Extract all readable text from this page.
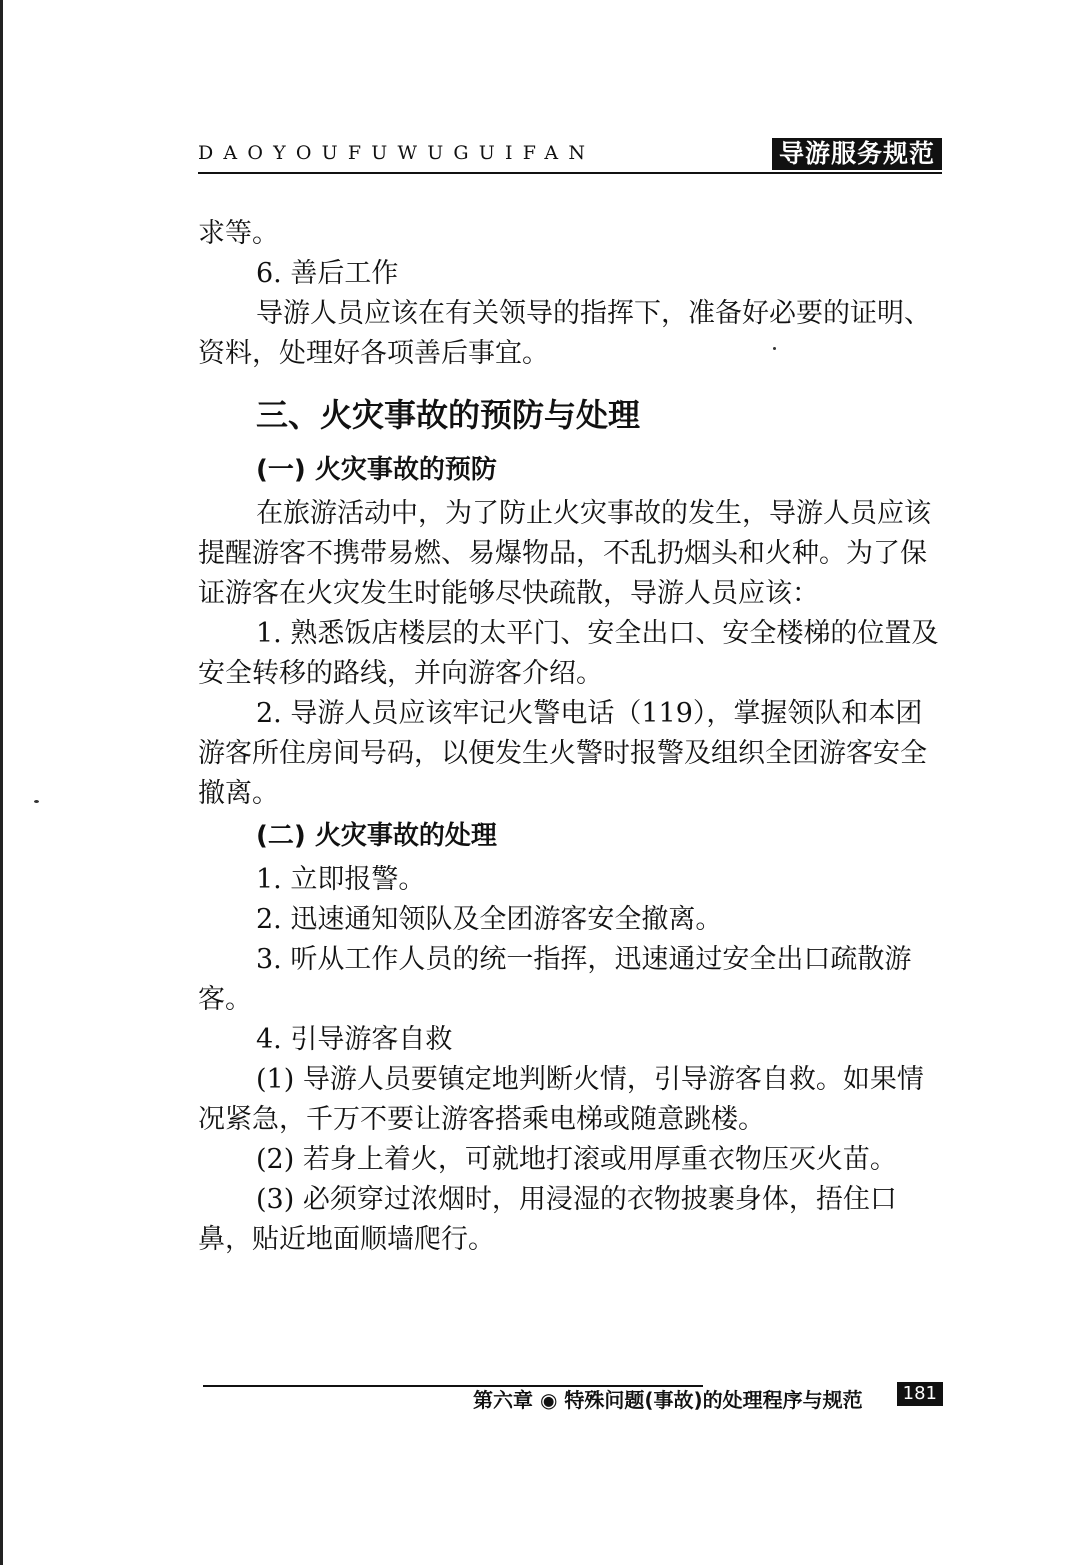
DAOYOUFUWUGUIFAN	导游服务规范

求等。

6. 善后工作

导游人员应该在有关领导的指挥下，准备好必要的证明、资料，处理好各项善后事宜。

三、火灾事故的预防与处理
(一) 火灾事故的预防

在旅游活动中，为了防止火灾事故的发生，导游人员应该提醒游客不携带易燃、易爆物品，不乱扔烟头和火种。为了保证游客在火灾发生时能够尽快疏散，导游人员应该：

1. 熟悉饭店楼层的太平门、安全出口、安全楼梯的位置及安全转移的路线，并向游客介绍。

2. 导游人员应该牢记火警电话（119），掌握领队和本团游客所住房间号码，以便发生火警时报警及组织全团游客安全撤离。

(二) 火灾事故的处理

1. 立即报警。

2. 迅速通知领队及全团游客安全撤离。

3. 听从工作人员的统一指挥，迅速通过安全出口疏散游客。

4. 引导游客自救

(1) 导游人员要镇定地判断火情，引导游客自救。如果情况紧急，千万不要让游客搭乘电梯或随意跳楼。

(2) 若身上着火，可就地打滚或用厚重衣物压灭火苗。

(3) 必须穿过浓烟时，用浸湿的衣物披裹身体，捂住口鼻，贴近地面顺墙爬行。

第六章 ◉ 特殊问题(事故)的处理程序与规范	181
